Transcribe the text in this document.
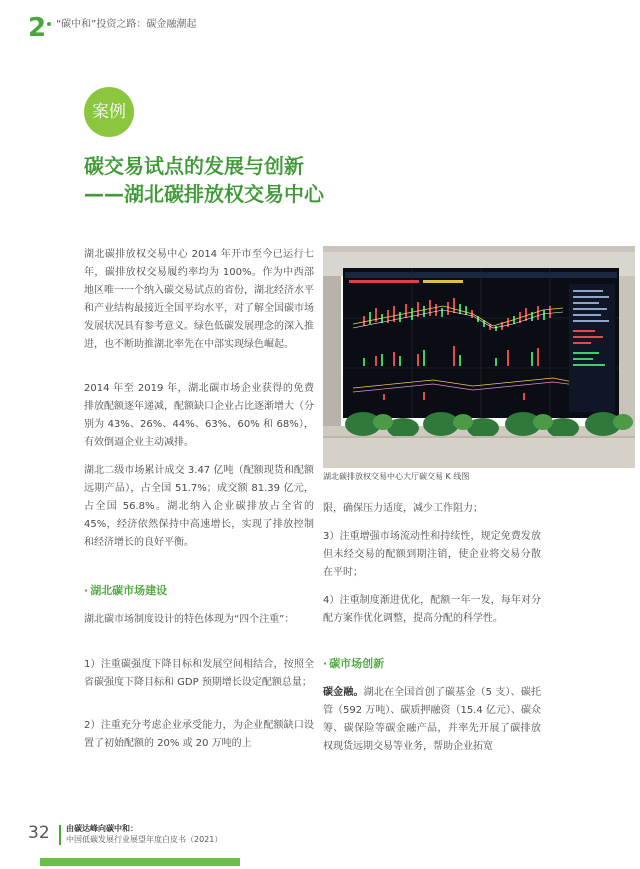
2 “碳中和”投资之路：碳金融潮起
案例
碳交易试点的发展与创新
——湖北碳排放权交易中心
湖北碳排放权交易中心 2014 年开市至今已运行七年，碳排放权交易履约率均为 100%。作为中西部地区唯一一个纳入碳交易试点的省份，湖北经济水平和产业结构最接近全国平均水平，对了解全国碳市场发展状况具有参考意义。绿色低碳发展理念的深入推进，也不断助推湖北率先在中部实现绿色崛起。
2014 年至 2019 年，湖北碳市场企业获得的免费排放配额逐年递减，配额缺口企业占比逐渐增大（分别为 43%、26%、44%、63%、60% 和 68%），有效倒逼企业主动减排。
湖北二级市场累计成交 3.47 亿吨（配额现货和配额远期产品），占全国 51.7%；成交额 81.39 亿元，占全国 56.8%。湖北纳入企业碳排放占全省的 45%，经济依然保持中高速增长，实现了排放控制和经济增长的良好平衡。
· 湖北碳市场建设
湖北碳市场制度设计的特色体现为“四个注重”：
1）注重碳强度下降目标和发展空间相结合，按照全省碳强度下降目标和 GDP 预期增长设定配额总量；
2）注重充分考虑企业承受能力，为企业配额缺口设置了初始配额的 20% 或 20 万吨的上
湖北碳排放权交易中心大厅碳交易 K 线图
限，确保压力适度，减少工作阻力；
3）注重增强市场流动性和持续性，规定免费发放但未经交易的配额到期注销，使企业将交易分散在平时；
4）注重制度渐进优化，配额一年一发，每年对分配方案作优化调整，提高分配的科学性。
· 碳市场创新
碳金融。湖北在全国首创了碳基金（5 支）、碳托管（592 万吨）、碳质押融资（15.4 亿元）、碳众筹、碳保险等碳金融产品，并率先开展了碳排放权现货远期交易等业务，帮助企业拓宽
32 由碳达峰向碳中和：
中国低碳发展行业展望年度白皮书（2021）
